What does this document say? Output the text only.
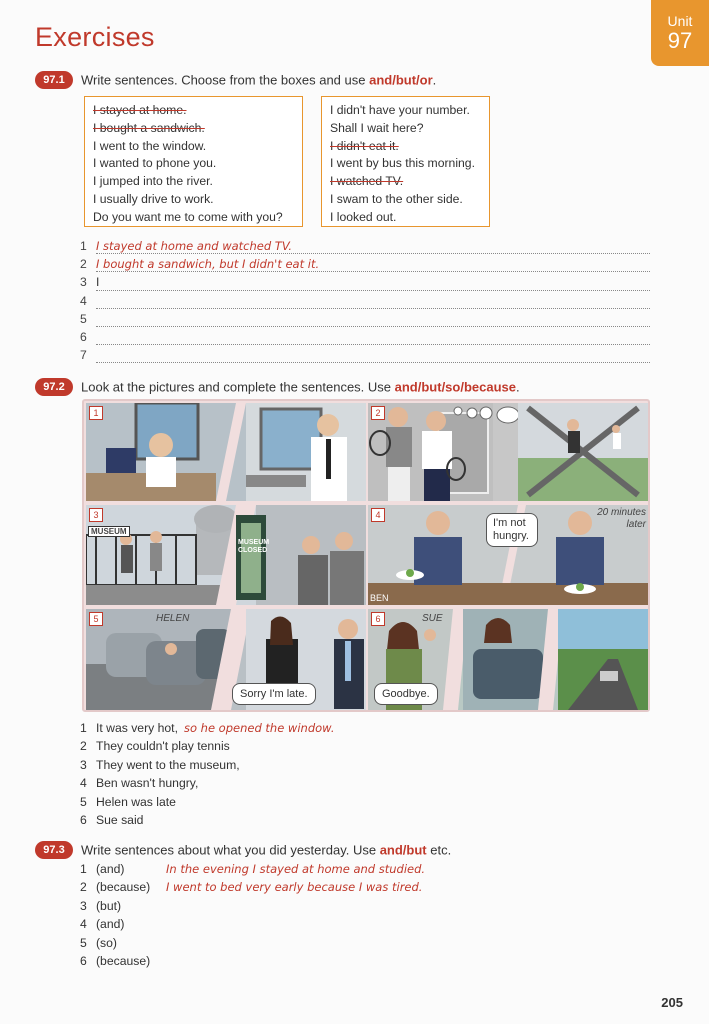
Exercises
Unit
97
97.1 Write sentences. Choose from the boxes and use and/but/or.
I stayed at home.
I bought a sandwich.
I went to the window.
I wanted to phone you.
I jumped into the river.
I usually drive to work.
Do you want me to come with you?
I didn't have your number.
Shall I wait here?
I didn't eat it.
I went by bus this morning.
I watched TV.
I swam to the other side.
I looked out.
1 I stayed at home and watched TV.
2 I bought a sandwich, but I didn't eat it.
3 I
4
5
6
7
97.2 Look at the pictures and complete the sentences. Use and/but/so/because.
1	2
3
MUSEUM
MUSEUM CLOSED
4
I'm not hungry.
20 minutes later
BEN
5	HELEN
Sorry I'm late.
6	SUE
Goodbye.
1 It was very hot, so he opened the window.
2 They couldn't play tennis
3 They went to the museum,
4 Ben wasn't hungry,
5 Helen was late
6 Sue said
97.3 Write sentences about what you did yesterday. Use and/but etc.
1 (and)	In the evening I stayed at home and studied.
2 (because) I went to bed very early because I was tired.
3 (but)
4 (and)
5 (so)
6 (because)
205
